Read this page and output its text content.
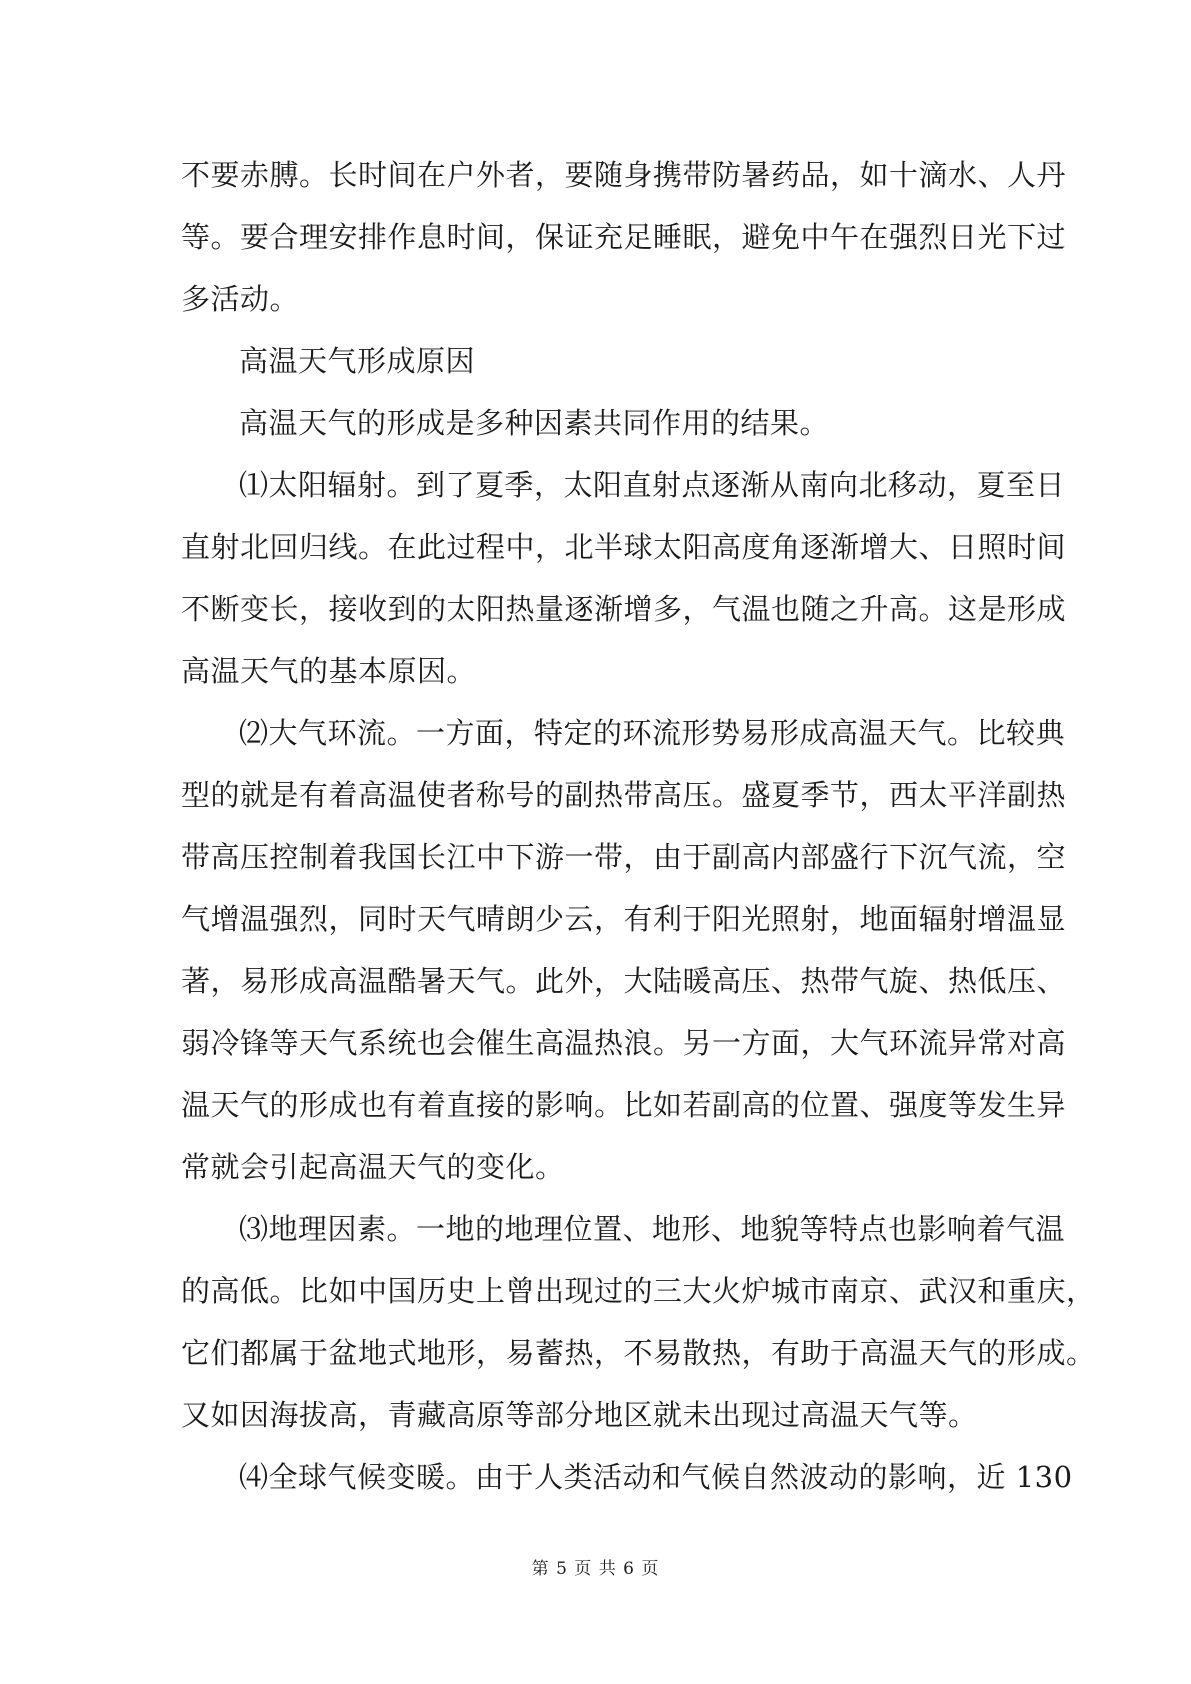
不要赤膊。长时间在户外者，要随身携带防暑药品，如十滴水、人丹
等。要合理安排作息时间，保证充足睡眠，避免中午在强烈日光下过
多活动。
高温天气形成原因
高温天气的形成是多种因素共同作用的结果。
⑴太阳辐射。到了夏季，太阳直射点逐渐从南向北移动，夏至日
直射北回归线。在此过程中，北半球太阳高度角逐渐增大、日照时间
不断变长，接收到的太阳热量逐渐增多，气温也随之升高。这是形成
高温天气的基本原因。
⑵大气环流。一方面，特定的环流形势易形成高温天气。比较典
型的就是有着高温使者称号的副热带高压。盛夏季节，西太平洋副热
带高压控制着我国长江中下游一带，由于副高内部盛行下沉气流，空
气增温强烈，同时天气晴朗少云，有利于阳光照射，地面辐射增温显
著，易形成高温酷暑天气。此外，大陆暖高压、热带气旋、热低压、
弱冷锋等天气系统也会催生高温热浪。另一方面，大气环流异常对高
温天气的形成也有着直接的影响。比如若副高的位置、强度等发生异
常就会引起高温天气的变化。
⑶地理因素。一地的地理位置、地形、地貌等特点也影响着气温
的高低。比如中国历史上曾出现过的三大火炉城市南京、武汉和重庆，
它们都属于盆地式地形，易蓄热，不易散热，有助于高温天气的形成。
又如因海拔高，青藏高原等部分地区就未出现过高温天气等。
⑷全球气候变暖。由于人类活动和气候自然波动的影响，近 130
第 5 页 共 6 页
